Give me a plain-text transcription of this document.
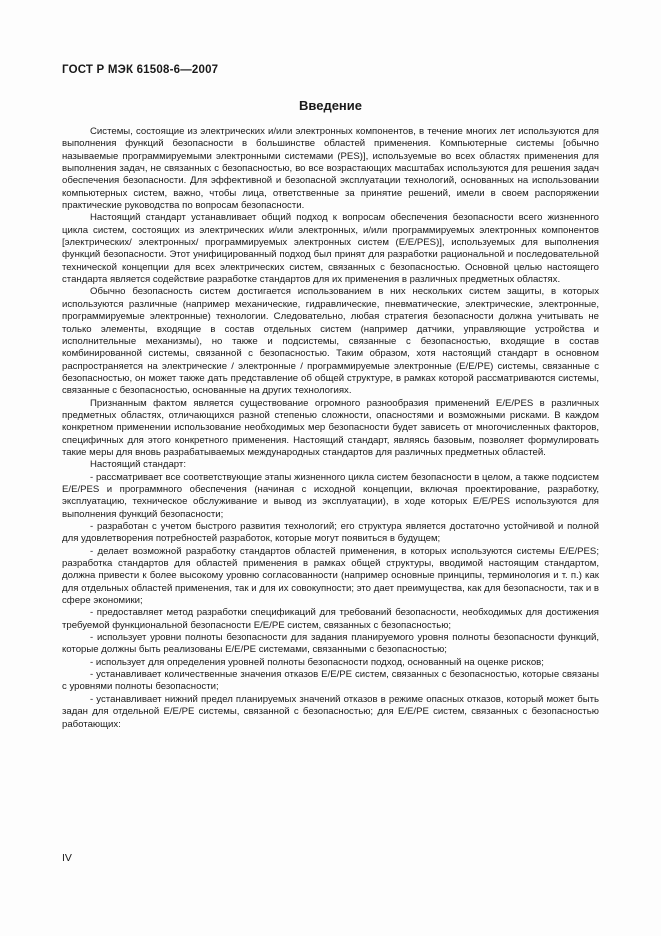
ГОСТ Р МЭК 61508-6—2007
Введение

Системы, состоящие из электрических и/или электронных компонентов, в течение многих лет используются для выполнения функций безопасности в большинстве областей применения. Компьютерные системы [обычно называемые программируемыми электронными системами (PES)], используемые во всех областях применения для выполнения задач, не связанных с безопасностью, во все возрастающих масштабах используются для решения задач обеспечения безопасности. Для эффективной и безопасной эксплуатации технологий, основанных на использовании компьютерных систем, важно, чтобы лица, ответственные за принятие решений, имели в своем распоряжении практические руководства по вопросам безопасности.

Настоящий стандарт устанавливает общий подход к вопросам обеспечения безопасности всего жизненного цикла систем, состоящих из электрических и/или электронных, и/или программируемых электронных компонентов [электрических/ электронных/ программируемых электронных систем (E/E/PES)], используемых для выполнения функций безопасности. Этот унифицированный подход был принят для разработки рациональной и последовательной технической концепции для всех электрических систем, связанных с безопасностью. Основной целью настоящего стандарта является содействие разработке стандартов для их применения в различных предметных областях.

Обычно безопасность систем достигается использованием в них нескольких систем защиты, в которых используются различные (например механические, гидравлические, пневматические, электрические, электронные, программируемые электронные) технологии. Следовательно, любая стратегия безопасности должна учитывать не только элементы, входящие в состав отдельных систем (например датчики, управляющие устройства и исполнительные механизмы), но также и подсистемы, связанные с безопасностью, входящие в состав комбинированной системы, связанной с безопасностью. Таким образом, хотя настоящий стандарт в основном распространяется на электрические / электронные / программируемые электронные (E/E/PE) системы, связанные с безопасностью, он может также дать представление об общей структуре, в рамках которой рассматриваются системы, связанные с безопасностью, основанные на других технологиях.

Признанным фактом является существование огромного разнообразия применений E/E/PES в различных предметных областях, отличающихся разной степенью сложности, опасностями и возможными рисками. В каждом конкретном применении использование необходимых мер безопасности будет зависеть от многочисленных факторов, специфичных для этого конкретного применения. Настоящий стандарт, являясь базовым, позволяет формулировать такие меры для вновь разрабатываемых международных стандартов для различных предметных областей.

Настоящий стандарт:

- рассматривает все соответствующие этапы жизненного цикла систем безопасности в целом, а также подсистем E/E/PES и программного обеспечения (начиная с исходной концепции, включая проектирование, разработку, эксплуатацию, техническое обслуживание и вывод из эксплуатации), в ходе которых E/E/PES используются для выполнения функций безопасности;

- разработан с учетом быстрого развития технологий; его структура является достаточно устойчивой и полной для удовлетворения потребностей разработок, которые могут появиться в будущем;

- делает возможной разработку стандартов областей применения, в которых используются системы E/E/PES; разработка стандартов для областей применения в рамках общей структуры, вводимой настоящим стандартом, должна привести к более высокому уровню согласованности (например основные принципы, терминология и т. п.) как для отдельных областей применения, так и для их совокупности; это дает преимущества, как для безопасности, так и в сфере экономики;

- предоставляет метод разработки спецификаций для требований безопасности, необходимых для достижения требуемой функциональной безопасности E/E/PE систем, связанных с безопасностью;

- использует уровни полноты безопасности для задания планируемого уровня полноты безопасности функций, которые должны быть реализованы E/E/PE системами, связанными с безопасностью;

- использует для определения уровней полноты безопасности подход, основанный на оценке рисков;

- устанавливает количественные значения отказов E/E/PE систем, связанных с безопасностью, которые связаны с уровнями полноты безопасности;

- устанавливает нижний предел планируемых значений отказов в режиме опасных отказов, который может быть задан для отдельной E/E/PE системы, связанной с безопасностью; для E/E/PE систем, связанных с безопасностью работающих:

IV
